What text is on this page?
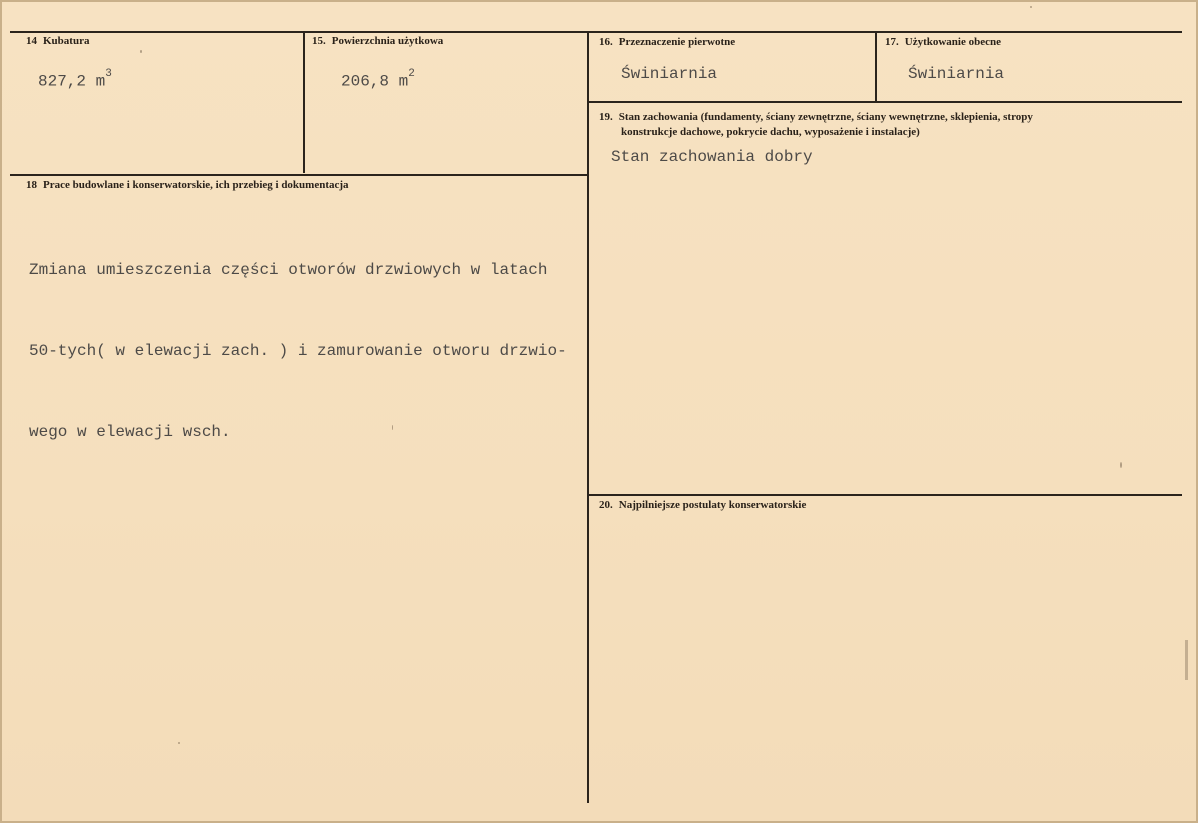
14 Kubatura
827,2 $m^3$
15. Powierzchnia użytkowa
206,8 $m^2$
16. Przeznaczenie pierwotne
Świniarnia
17. Użytkowanie obecne
Świniarnia
18 Prace budowlane i konserwatorskie, ich przebieg i dokumentacja

Zmiana umieszczenia części otworów drzwiowych w latach

50-tych( w elewacji zach. ) i zamurowanie otworu drzwio-

wego w elewacji wsch.

19. Stan zachowania (fundamenty, ściany zewnętrzne, ściany wewnętrzne, sklepienia, stropy
konstrukcje dachowe, pokrycie dachu, wyposażenie i instalacje)
Stan zachowania dobry
20. Najpilniejsze postulaty konserwatorskie
